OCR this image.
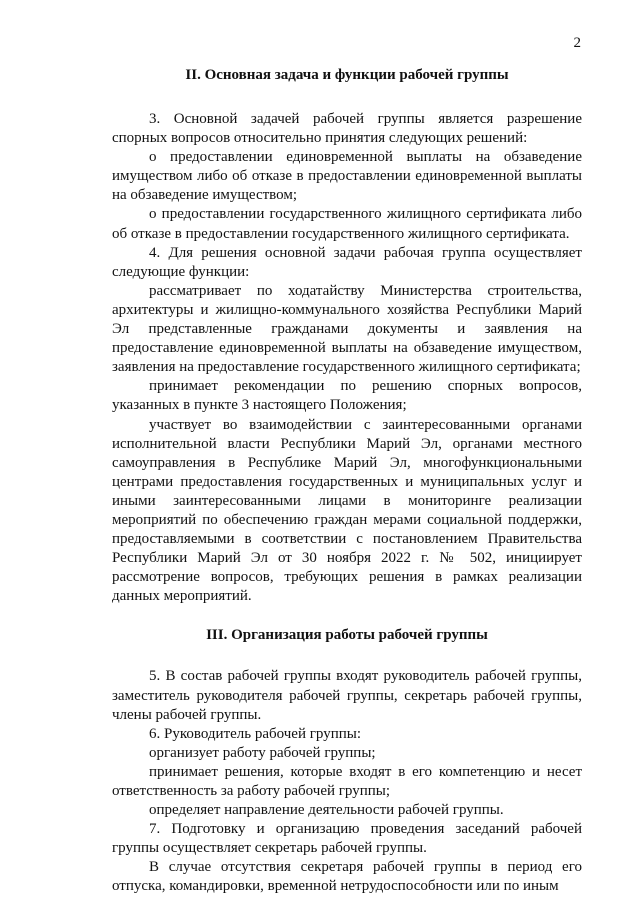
2
II. Основная задача и функции рабочей группы

3. Основной задачей рабочей группы является разрешение спорных вопросов относительно принятия следующих решений:

о предоставлении единовременной выплаты на обзаведение имуществом либо об отказе в предоставлении единовременной выплаты на обзаведение имуществом;

о предоставлении государственного жилищного сертификата либо об отказе в предоставлении государственного жилищного сертификата.

4. Для решения основной задачи рабочая группа осуществляет следующие функции:

рассматривает по ходатайству Министерства строительства, архитектуры и жилищно-коммунального хозяйства Республики Марий Эл представленные гражданами документы и заявления на предоставление единовременной выплаты на обзаведение имуществом, заявления на предоставление государственного жилищного сертификата;

принимает рекомендации по решению спорных вопросов, указанных в пункте 3 настоящего Положения;

участвует во взаимодействии с заинтересованными органами исполнительной власти Республики Марий Эл, органами местного самоуправления в Республике Марий Эл, многофункциональными центрами предоставления государственных и муниципальных услуг и иными заинтересованными лицами в мониторинге реализации мероприятий по обеспечению граждан мерами социальной поддержки, предоставляемыми в соответствии с постановлением Правительства Республики Марий Эл от 30 ноября 2022 г. № 502, инициирует рассмотрение вопросов, требующих решения в рамках реализации данных мероприятий.

III. Организация работы рабочей группы

5. В состав рабочей группы входят руководитель рабочей группы, заместитель руководителя рабочей группы, секретарь рабочей группы, члены рабочей группы.

6. Руководитель рабочей группы:

организует работу рабочей группы;

принимает решения, которые входят в его компетенцию и несет ответственность за работу рабочей группы;

определяет направление деятельности рабочей группы.

7. Подготовку и организацию проведения заседаний рабочей группы осуществляет секретарь рабочей группы.

В случае отсутствия секретаря рабочей группы в период его отпуска, командировки, временной нетрудоспособности или по иным
